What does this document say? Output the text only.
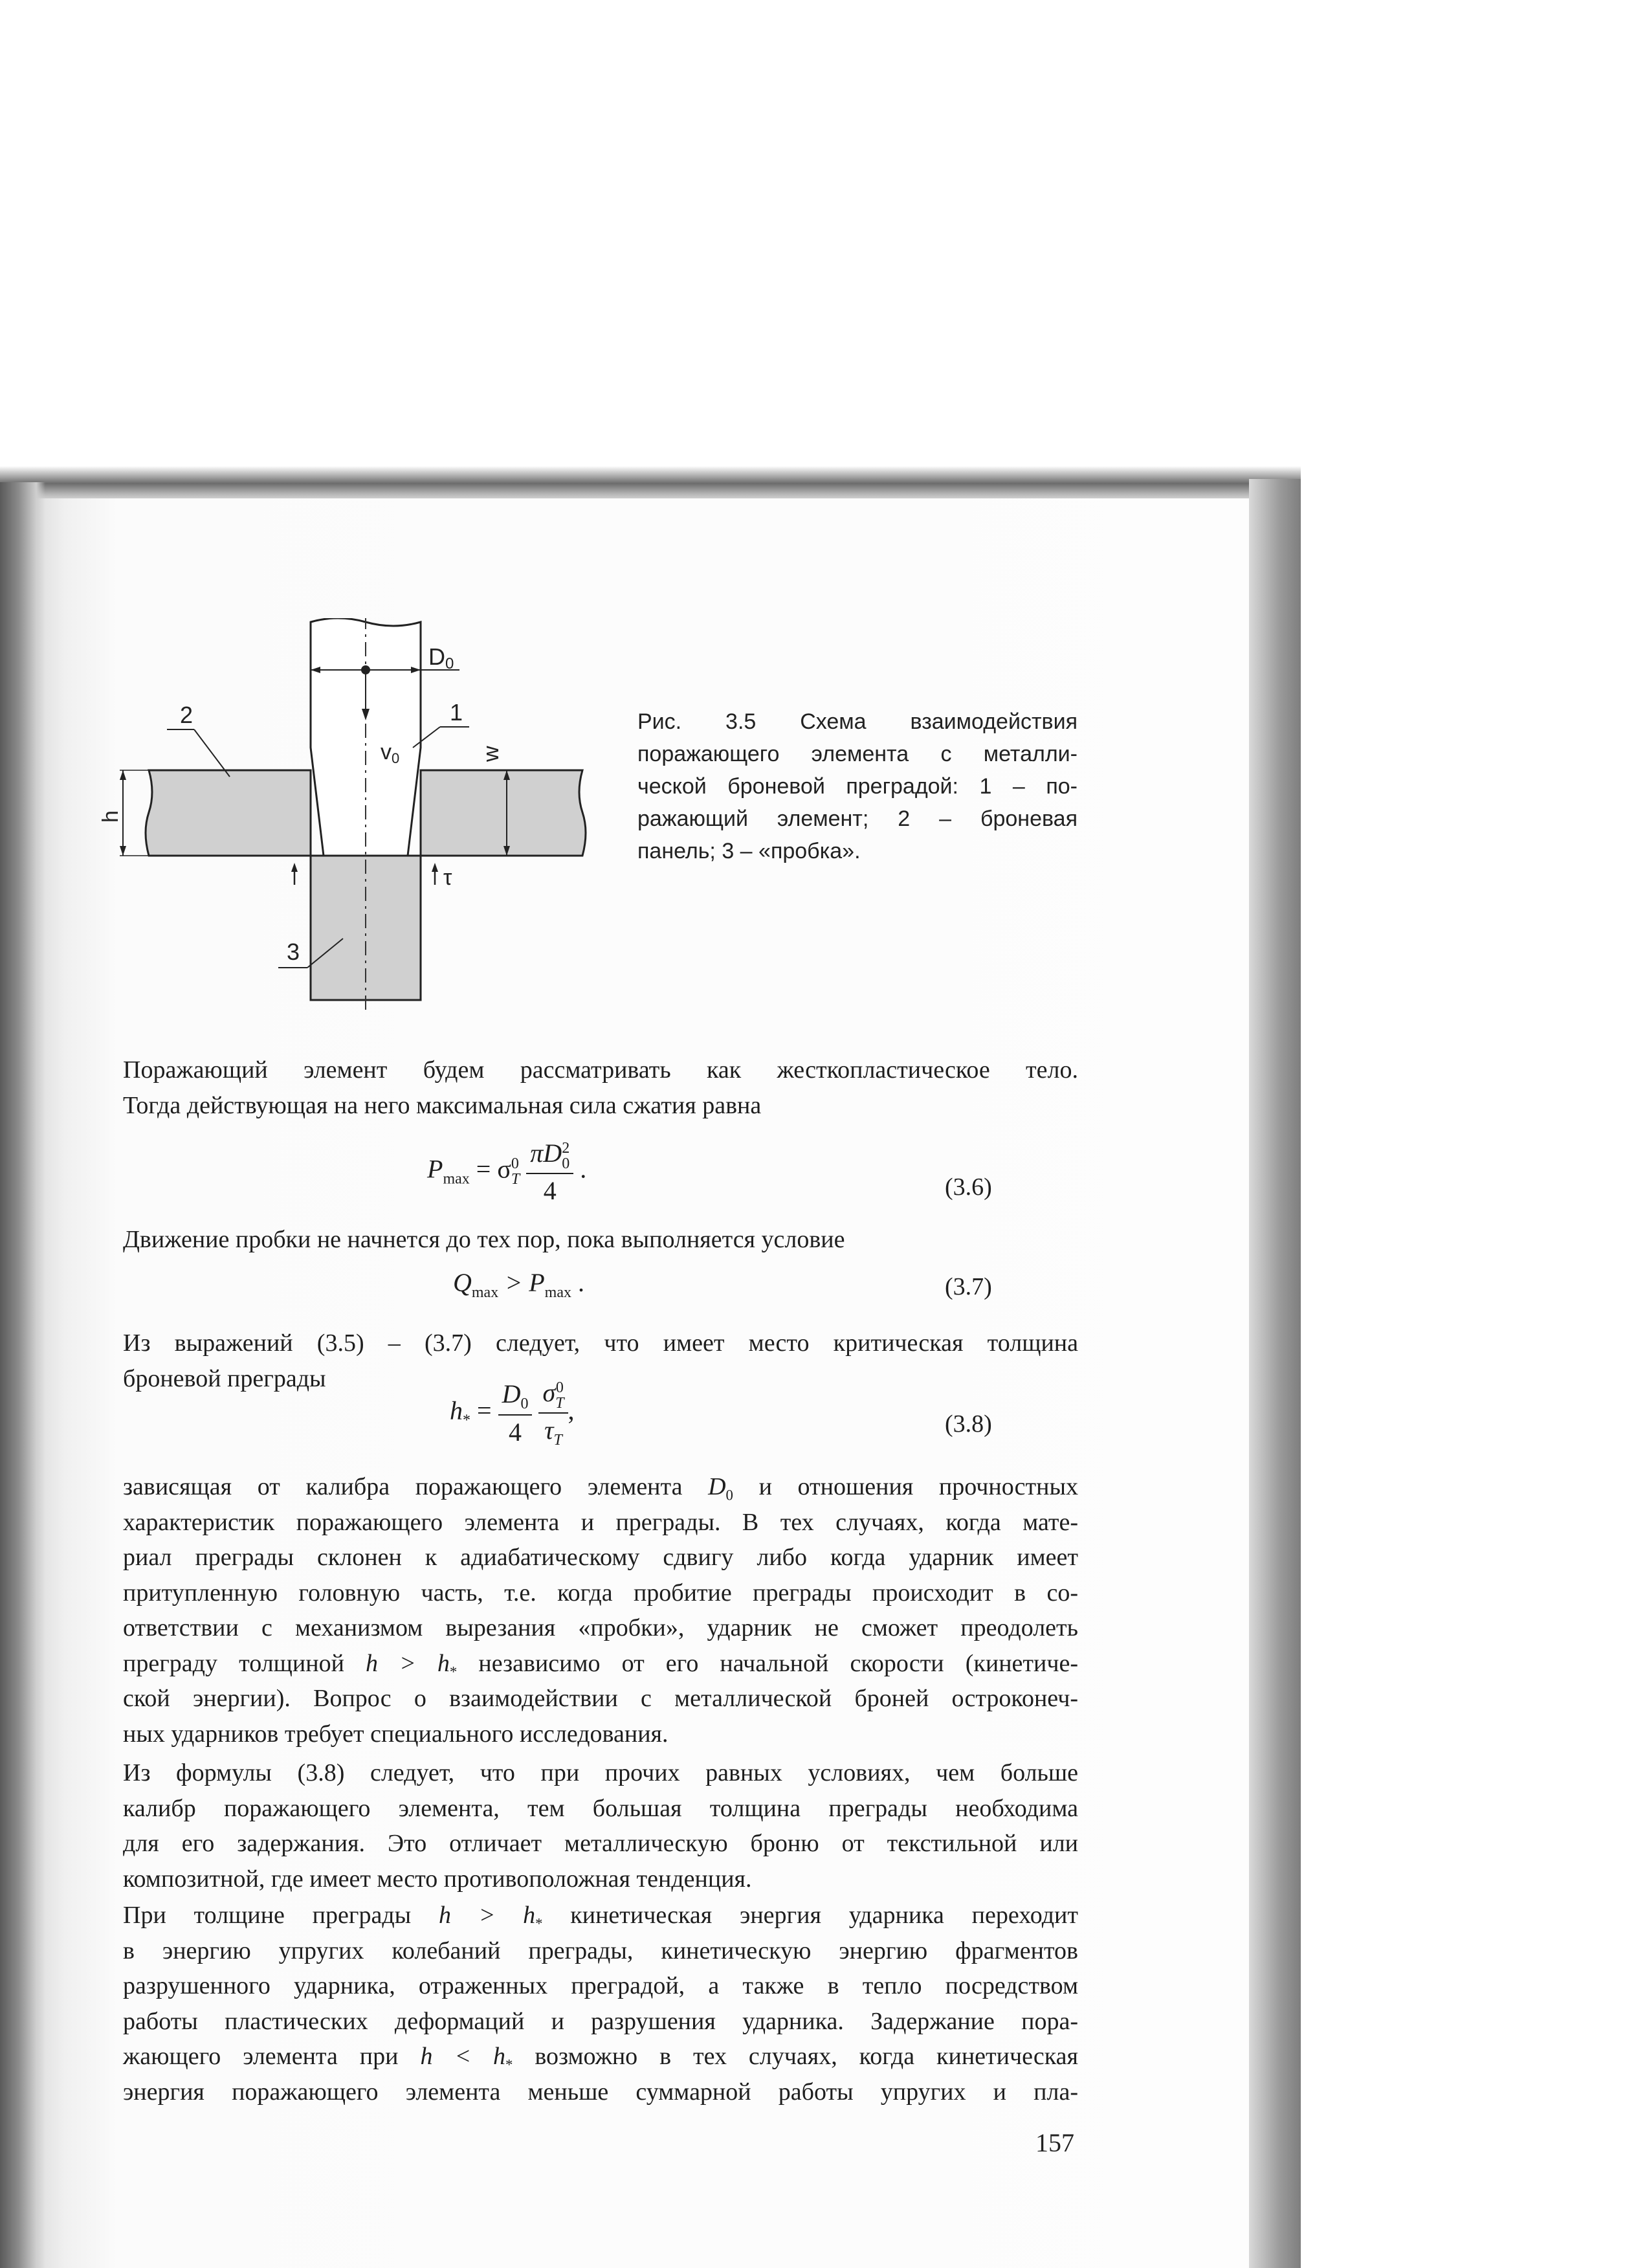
D0
1
2
3
v0	w
h
τ
Рис. 3.5 Схема взаимодействия
поражающего элемента с металли-
ческой броневой преградой: 1 – по-
ражающий элемент; 2 – броневая
панель; 3 – «пробка».
Поражающий элемент будем рассматривать как жесткопластическое тело.
Тогда действующая на него максимальная сила сжатия равна
$P_{max} = \sigma$ 0
T
πD 2
0
4 .
(3.6)
Движение пробки не начнется до тех пор, пока выполняется условие
$Q_{max} > P_{max}$ .	(3.7)
Из выражений (3.5) – (3.7) следует, что имеет место критическая толщина
броневой преграды
$h_* = \frac{D_0}{4}$
σ 0
T
$\tau_T$ ,	(3.8)
зависящая от калибра поражающего элемента $D_0$ и отношения прочностных
характеристик поражающего элемента и преграды. В тех случаях, когда мате-
риал преграды склонен к адиабатическому сдвигу либо когда ударник имеет
притупленную головную часть, т.е. когда пробитие преграды происходит в со-
ответствии с механизмом вырезания «пробки», ударник не сможет преодолеть
преграду толщиной $h > h_*$ независимо от его начальной скорости (кинетиче-
ской энергии). Вопрос о взаимодействии с металлической броней остроконеч-
ных ударников требует специального исследования.
Из формулы (3.8) следует, что при прочих равных условиях, чем больше
калибр поражающего элемента, тем большая толщина преграды необходима
для его задержания. Это отличает металлическую броню от текстильной или
композитной, где имеет место противоположная тенденция.
При толщине преграды $h > h_*$ кинетическая энергия ударника переходит
в энергию упругих колебаний преграды, кинетическую энергию фрагментов
разрушенного ударника, отраженных преградой, а также в тепло посредством
работы пластических деформаций и разрушения ударника. Задержание пора-
жающего элемента при $h < h_*$ возможно в тех случаях, когда кинетическая
энергия поражающего элемента меньше суммарной работы упругих и пла-
157
